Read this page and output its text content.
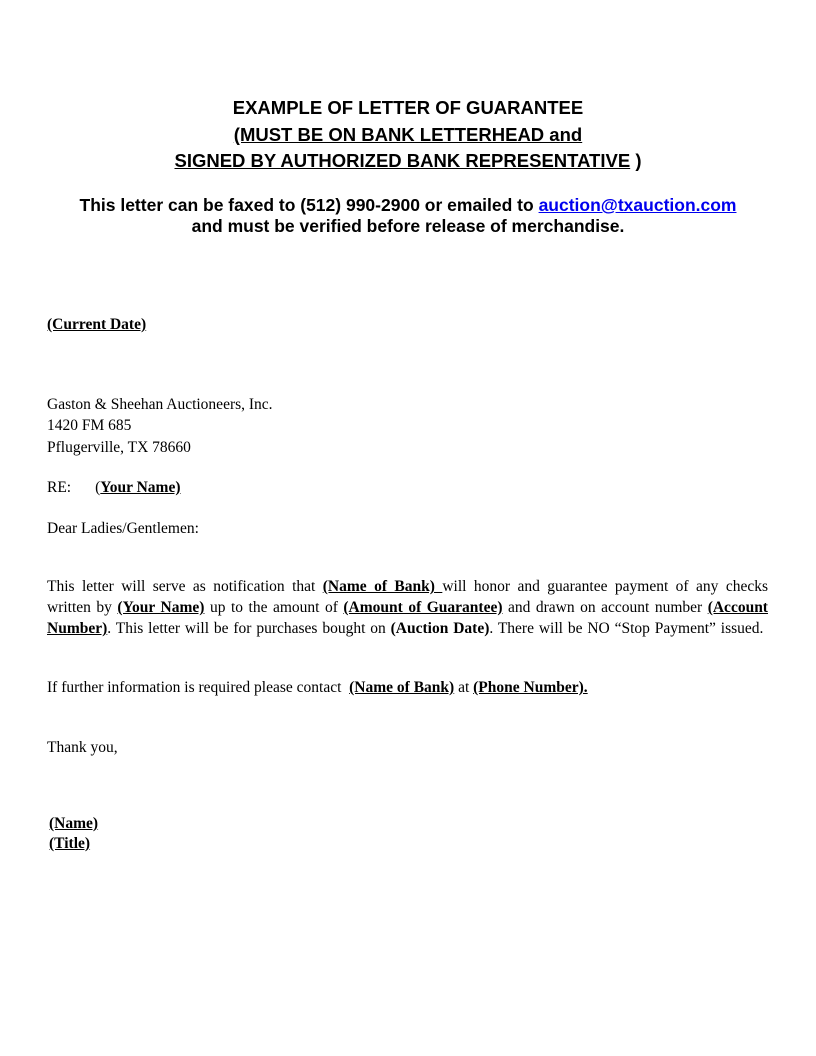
EXAMPLE OF LETTER OF GUARANTEE
(MUST BE ON BANK LETTERHEAD and
SIGNED BY AUTHORIZED BANK REPRESENTATIVE )
This letter can be faxed to (512) 990-2900 or emailed to auction@txauction.com
and must be verified before release of merchandise.
(Current Date)
Gaston & Sheehan Auctioneers, Inc.
1420 FM 685
Pflugerville, TX 78660
RE: (Your Name)
Dear Ladies/Gentlemen:
This letter will serve as notification that (Name of Bank) will honor and guarantee payment of any checks written by (Your Name) up to the amount of (Amount of Guarantee) and drawn on account number (Account Number). This letter will be for purchases bought on (Auction Date). There will be NO “Stop Payment” issued.
If further information is required please contact  (Name of Bank) at (Phone Number).
Thank you,
(Name)
(Title)
